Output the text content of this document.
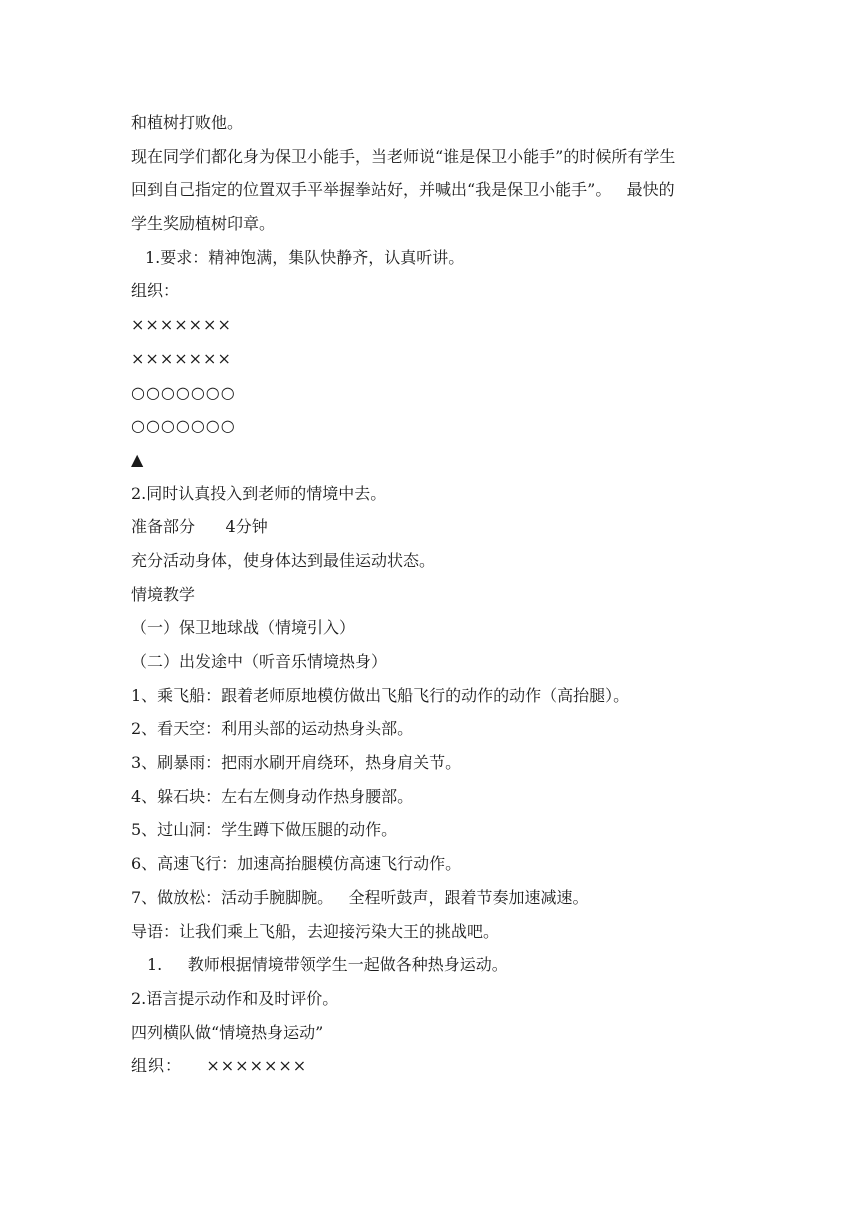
和植树打败他。

现在同学们都化身为保卫小能手，当老师说“谁是保卫小能手”的时候所有学生

回到自己指定的位置双手平举握拳站好，并喊出“我是保卫小能手”。   最快的

学生奖励植树印章。

1.要求：精神饱满，集队快静齐，认真听讲。

组织：

×××××××

×××××××

○○○○○○○

○○○○○○○

▲

2.同时认真投入到老师的情境中去。

准备部分      4分钟

充分活动身体，使身体达到最佳运动状态。

情境教学

（一）保卫地球战（情境引入）

（二）出发途中（听音乐情境热身）

1、乘飞船：跟着老师原地模仿做出飞船飞行的动作的动作（高抬腿）。

2、看天空：利用头部的运动热身头部。

3、刷暴雨：把雨水刷开肩绕环，热身肩关节。

4、躲石块：左右左侧身动作热身腰部。

5、过山洞：学生蹲下做压腿的动作。

6、高速飞行：加速高抬腿模仿高速飞行动作。

7、做放松：活动手腕脚腕。   全程听鼓声，跟着节奏加速减速。

导语：让我们乘上飞船，去迎接污染大王的挑战吧。

1.     教师根据情境带领学生一起做各种热身运动。

2.语言提示动作和及时评价。

四列横队做“情境热身运动”

组织：    ×××××××
